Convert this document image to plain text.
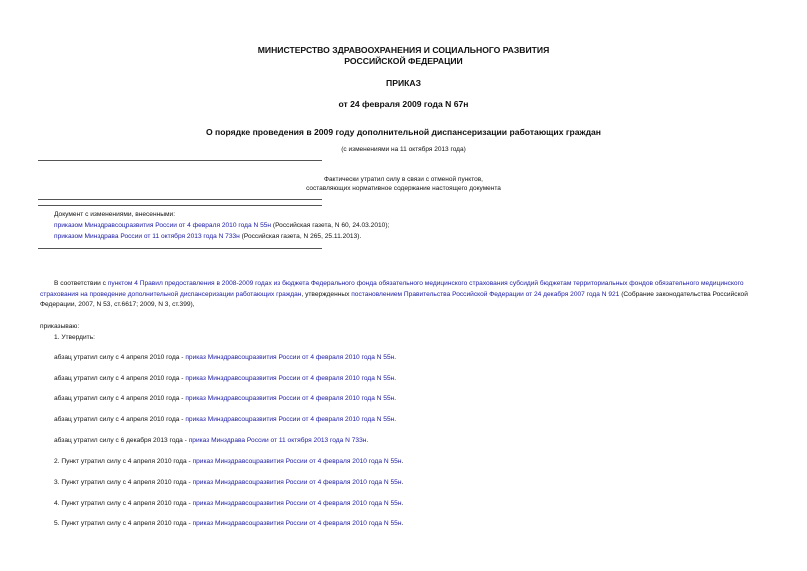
МИНИСТЕРСТВО ЗДРАВООХРАНЕНИЯ И СОЦИАЛЬНОГО РАЗВИТИЯ
РОССИЙСКОЙ ФЕДЕРАЦИИ
ПРИКАЗ
от 24 февраля 2009 года N 67н
О порядке проведения в 2009 году дополнительной диспансеризации работающих граждан
(с изменениями на 11 октября 2013 года)
Фактически утратил силу в связи с отменой пунктов,
составляющих нормативное содержание настоящего документа
Документ с изменениями, внесенными:
приказом Минздравсоцразвития России от 4 февраля 2010 года N 55н (Российская газета, N 60, 24.03.2010);
приказом Минздрава России от 11 октября 2013 года N 733н (Российская газета, N 265, 25.11.2013).
В соответствии с пунктом 4 Правил предоставления в 2008-2009 годах из бюджета Федерального фонда обязательного медицинского страхования субсидий бюджетам территориальных фондов обязательного медицинского страхования на проведение дополнительной диспансеризации работающих граждан, утвержденных постановлением Правительства Российской Федерации от 24 декабря 2007 года N 921 (Собрание законодательства Российской Федерации, 2007, N 53, ст.6617; 2009, N 3, ст.399),
приказываю:
1. Утвердить:
абзац утратил силу с 4 апреля 2010 года - приказ Минздравсоцразвития России от 4 февраля 2010 года N 55н.
абзац утратил силу с 4 апреля 2010 года - приказ Минздравсоцразвития России от 4 февраля 2010 года N 55н.
абзац утратил силу с 4 апреля 2010 года - приказ Минздравсоцразвития России от 4 февраля 2010 года N 55н.
абзац утратил силу с 4 апреля 2010 года - приказ Минздравсоцразвития России от 4 февраля 2010 года N 55н.
абзац утратил силу с 6 декабря 2013 года - приказ Минздрава России от 11 октября 2013 года N 733н.
2. Пункт утратил силу с 4 апреля 2010 года - приказ Минздравсоцразвития России от 4 февраля 2010 года N 55н.
3. Пункт утратил силу с 4 апреля 2010 года - приказ Минздравсоцразвития России от 4 февраля 2010 года N 55н.
4. Пункт утратил силу с 4 апреля 2010 года - приказ Минздравсоцразвития России от 4 февраля 2010 года N 55н.
5. Пункт утратил силу с 4 апреля 2010 года - приказ Минздравсоцразвития России от 4 февраля 2010 года N 55н.
